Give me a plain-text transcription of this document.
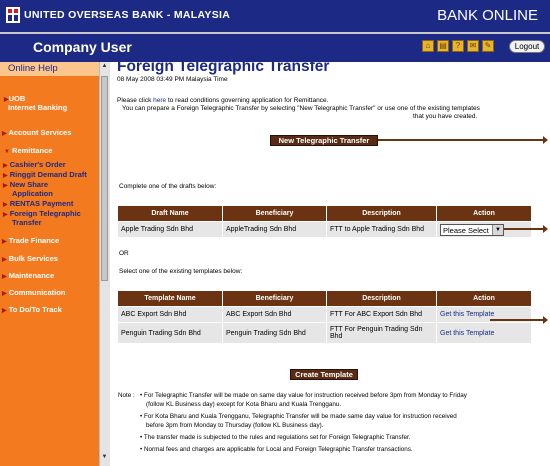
UNITED OVERSEAS BANK - MALAYSIA	BANK ONLINE
Company User	⌂	▤	?	✉	✎	Logout
Online Help
▶UOB
Internet Banking
▶ Account Services
▼ Remittance
▶ Cashier's Order
▶ Ringgit Demand Draft
▶ New Share
Application
▶ RENTAS Payment
▶ Foreign Telegraphic
Transfer
▶ Trade Finance
▶ Bulk Services
▶ Maintenance
▶ Communication
▶ To Do/To Track
▲
▼
Foreign Telegraphic Transfer
08 May 2008 03:49 PM Malaysia Time
Please click here to read conditions governing application for Remittance.
You can prepare a Foreign Telegraphic Transfer by selecting "New Telegraphic Transfer" or use one of the existing templates
that you have created.
New Telegraphic Transfer
Complete one of the drafts below:
Draft Name	Beneficiary	Description	Action
Apple Trading Sdn Bhd	AppleTrading Sdn Bhd	FTT to Apple Trading Sdn Bhd	Please Select ▼
OR
Select one of the existing templates below:
Template Name	Beneficiary	Description	Action
ABC Export Sdn Bhd	ABC Export Sdn Bhd	FTT For ABC Export Sdn Bhd	Get this Template
Penguin Trading Sdn Bhd	Penguin Trading Sdn Bhd	FTT For Penguin Trading Sdn
Bhd	Get this Template
Create Template
Note : • For Telegraphic Transfer will be made on same day value for instruction received before 3pm from Monday to Friday
(follow KL Business day) except for Kota Bharu and Kuala Trengganu.
• For Kota Bharu and Kuala Trengganu, Telegraphic Transfer will be made same day value for instruction received
before 3pm from Monday to Thursday (follow KL Business day).
• The transfer made is subjected to the rules and regulations set for Foreign Telegraphic Transfer.
• Normal fees and charges are applicable for Local and Foreign Telegraphic Transfer transactions.
